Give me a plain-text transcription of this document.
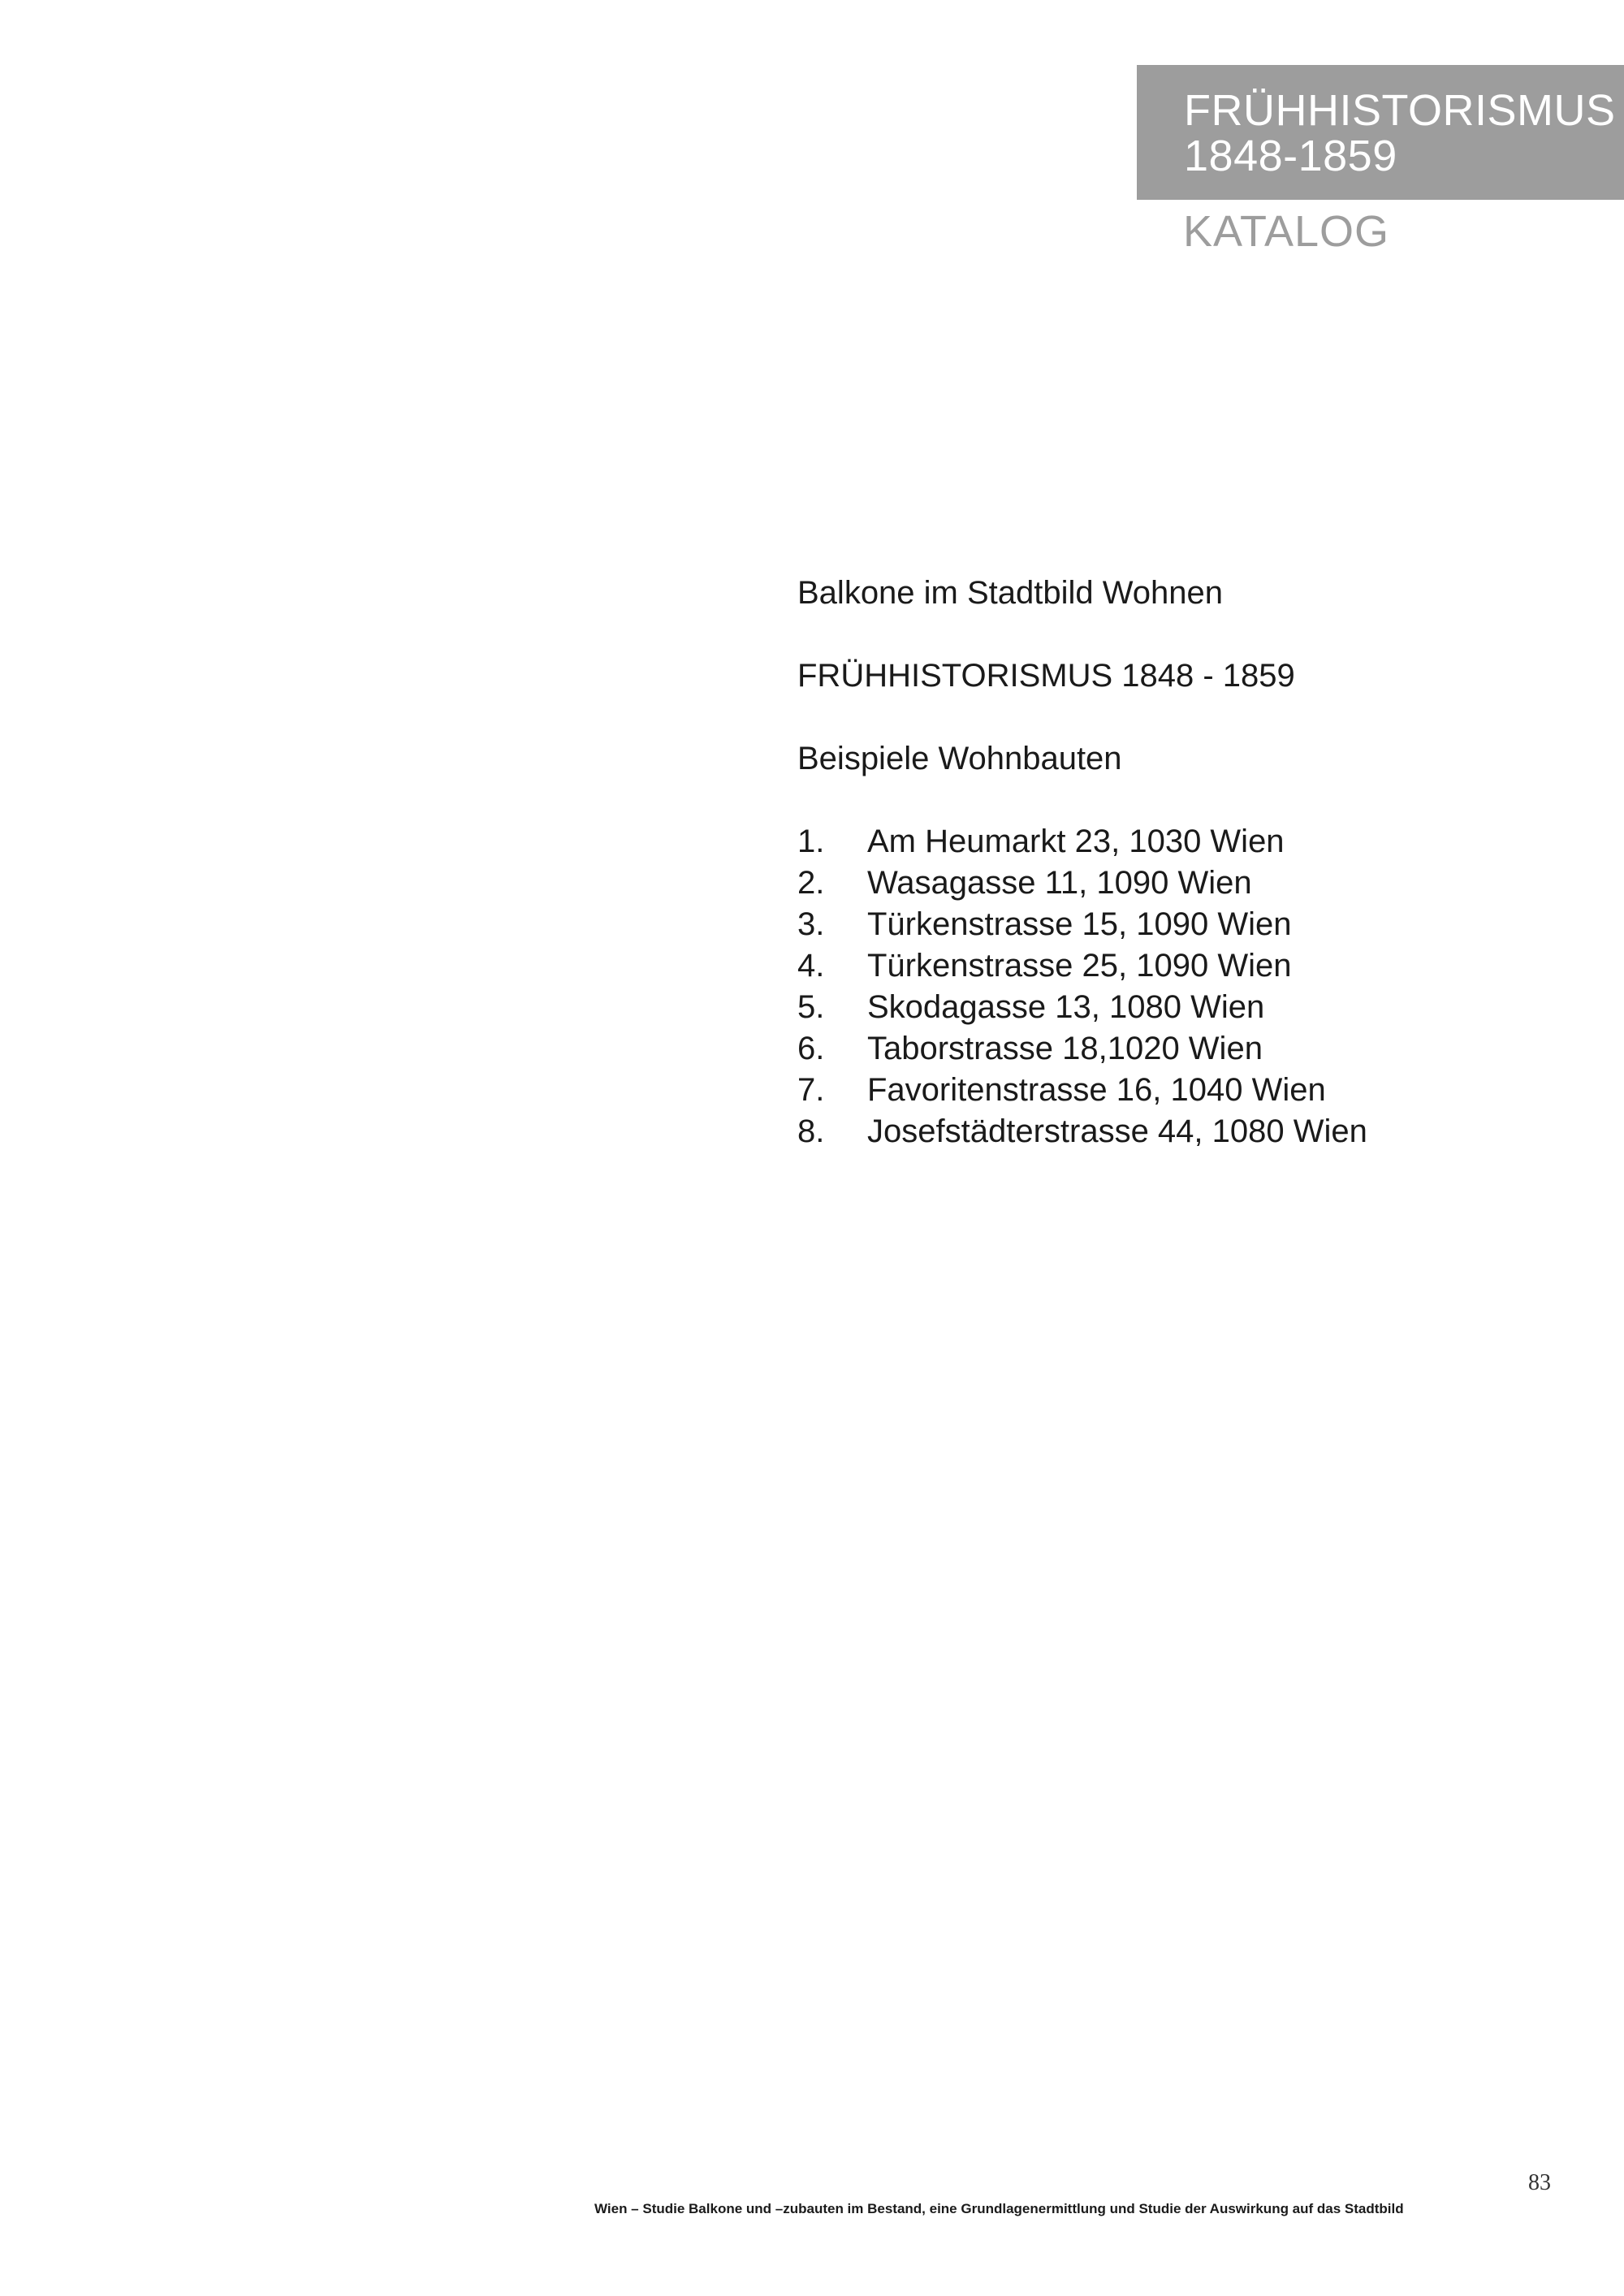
FRÜHHISTORISMUS
1848-1859
KATALOG

Balkone im Stadtbild Wohnen

FRÜHHISTORISMUS 1848 - 1859

Beispiele Wohnbauten

1.	Am Heumarkt 23, 1030 Wien
2.	Wasagasse 11, 1090 Wien
3.	Türkenstrasse 15, 1090 Wien
4.	Türkenstrasse 25, 1090 Wien
5.	Skodagasse 13, 1080 Wien
6.	Taborstrasse 18,1020 Wien
7.	Favoritenstrasse 16, 1040 Wien
8.	Josefstädterstrasse 44, 1080 Wien
83
Wien – Studie Balkone und –zubauten im Bestand, eine Grundlagenermittlung und Studie der Auswirkung auf das Stadtbild
